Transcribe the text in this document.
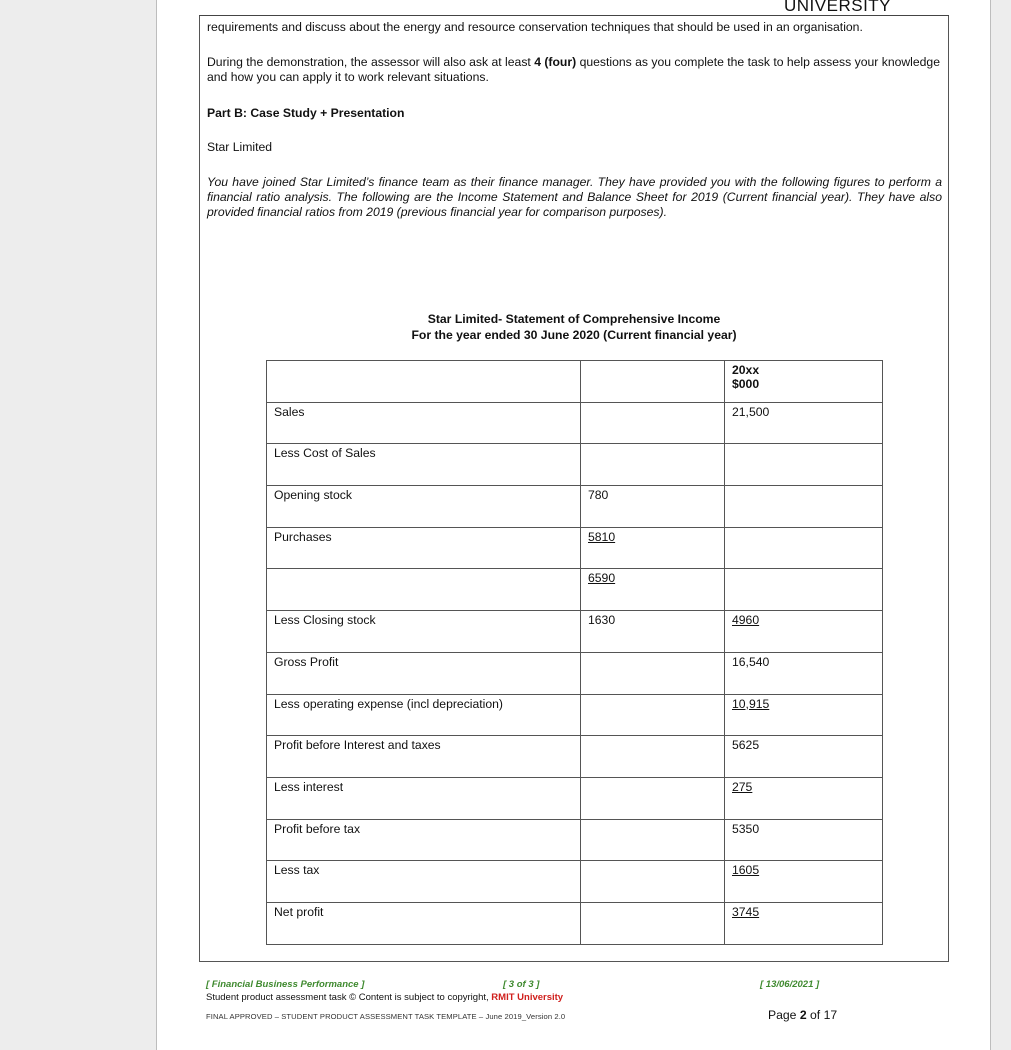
UNIVERSITY

requirements and discuss about the energy and resource conservation techniques that should be used in an organisation.

During the demonstration, the assessor will also ask at least 4 (four) questions as you complete the task to help assess your knowledge and how you can apply it to work relevant situations.

Part B: Case Study + Presentation

Star Limited

You have joined Star Limited’s finance team as their finance manager. They have provided you with the following figures to perform a financial ratio analysis. The following are the Income Statement and Balance Sheet for 2019 (Current financial year). They have also provided financial ratios from 2019 (previous financial year for comparison purposes).

Star Limited- Statement of Comprehensive Income
For the year ended 30 June 2020 (Current financial year)
		20xx
$000
Sales		21,500
Less Cost of Sales		
Opening stock	780	
Purchases	5810	
	6590	
Less Closing stock	1630	4960
Gross Profit		16,540
Less operating expense (incl depreciation)		10,915
Profit before Interest and taxes		5625
Less interest		275
Profit before tax		5350
Less tax		1605
Net profit		3745
[ Financial Business Performance ]	[ 3 of 3 ]	[ 13/06/2021 ]
Student product assessment task © Content is subject to copyright, RMIT University
FINAL APPROVED – STUDENT PRODUCT ASSESSMENT TASK TEMPLATE – June 2019_Version 2.0	Page 2 of 17
